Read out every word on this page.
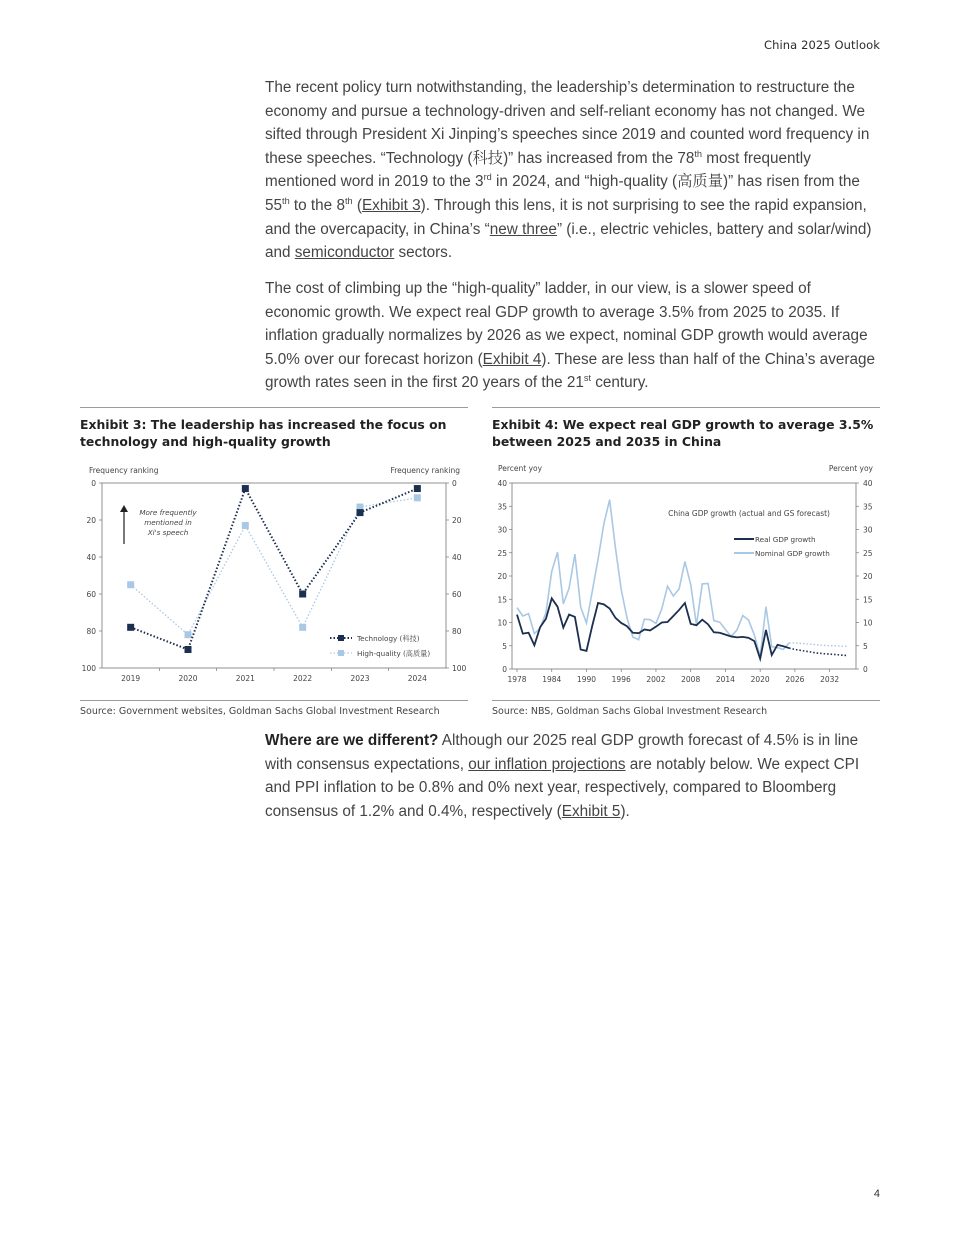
China 2025 Outlook

The recent policy turn notwithstanding, the leadership’s determination to restructure the economy and pursue a technology-driven and self-reliant economy has not changed. We sifted through President Xi Jinping’s speeches since 2019 and counted word frequency in these speeches. “Technology (科技)” has increased from the 78th most frequently mentioned word in 2019 to the 3rd in 2024, and “high-quality (高质量)” has risen from the 55th to the 8th (Exhibit 3). Through this lens, it is not surprising to see the rapid expansion, and the overcapacity, in China’s “new three” (i.e., electric vehicles, battery and solar/wind) and semiconductor sectors.

The cost of climbing up the “high-quality” ladder, in our view, is a slower speed of economic growth. We expect real GDP growth to average 3.5% from 2025 to 2035. If inflation gradually normalizes by 2026 as we expect, nominal GDP growth would average 5.0% over our forecast horizon (Exhibit 4). These are less than half of the China’s average growth rates seen in the first 20 years of the 21st century.

Exhibit 3: The leadership has increased the focus on technology and high-quality growth
Frequency ranking	Frequency ranking
0	0
20	20
40	40
60	60
80	80
100	100
2019	2020	2021	2022	2023	2024
More frequently
mentioned in
Xi's speech
Technology (科技)
High-quality (高质量)
Source: Government websites, Goldman Sachs Global Investment Research
Exhibit 4: We expect real GDP growth to average 3.5% between 2025 and 2035 in China
Percent yoy	Percent yoy
0	0
5	5
10	10
15	15
20	20
25	25
30	30
35	35
40	40
1978 1984 1990 1996 2002 2008 2014 2020 2026 2032
China GDP growth (actual and GS forecast)
Real GDP growth
Nominal GDP growth
Source: NBS, Goldman Sachs Global Investment Research

Where are we different? Although our 2025 real GDP growth forecast of 4.5% is in line with consensus expectations, our inflation projections are notably below. We expect CPI and PPI inflation to be 0.8% and 0% next year, respectively, compared to Bloomberg consensus of 1.2% and 0.4%, respectively (Exhibit 5).

4
